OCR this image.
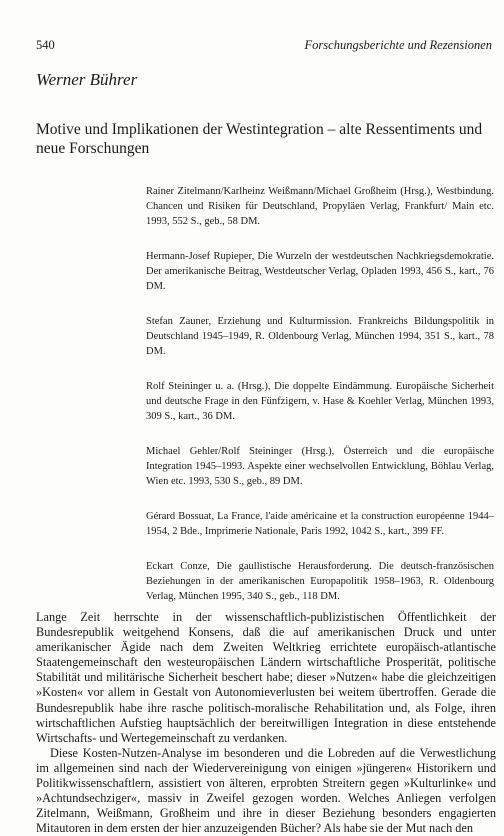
540	Forschungsberichte und Rezensionen
Werner Bührer
Motive und Implikationen der Westintegration – alte Ressentiments und neue Forschungen
Rainer Zitelmann/Karlheinz Weißmann/Michael Großheim (Hrsg.), Westbindung. Chancen und Risiken für Deutschland, Propyläen Verlag, Frankfurt/ Main etc. 1993, 552 S., geb., 58 DM.
Hermann-Josef Rupieper, Die Wurzeln der westdeutschen Nachkriegsdemokratie. Der amerikanische Beitrag, Westdeutscher Verlag, Opladen 1993, 456 S., kart., 76 DM.
Stefan Zauner, Erziehung und Kulturmission. Frankreichs Bildungspolitik in Deutschland 1945–1949, R. Oldenbourg Verlag, München 1994, 351 S., kart., 78 DM.
Rolf Steininger u. a. (Hrsg.), Die doppelte Eindämmung. Europäische Sicherheit und deutsche Frage in den Fünfzigern, v. Hase & Koehler Verlag, München 1993, 309 S., kart., 36 DM.
Michael Gehler/Rolf Steininger (Hrsg.), Österreich und die europäische Integration 1945–1993. Aspekte einer wechselvollen Entwicklung, Böhlau Verlag, Wien etc. 1993, 530 S., geb., 89 DM.
Gérard Bossuat, La France, l'aide américaine et la construction européenne 1944–1954, 2 Bde., Imprimerie Nationale, Paris 1992, 1042 S., kart., 399 FF.
Eckart Conze, Die gaullistische Herausforderung. Die deutsch-französischen Beziehungen in der amerikanischen Europapolitik 1958–1963, R. Oldenbourg Verlag, München 1995, 340 S., geb., 118 DM.

Lange Zeit herrschte in der wissenschaftlich-publizistischen Öffentlichkeit der Bundesrepublik weitgehend Konsens, daß die auf amerikanischen Druck und unter amerikanischer Ägide nach dem Zweiten Weltkrieg errichtete europäisch-atlantische Staatengemeinschaft den westeuropäischen Ländern wirtschaftliche Prosperität, politische Stabilität und militärische Sicherheit beschert habe; dieser »Nutzen« habe die gleichzeitigen »Kosten« vor allem in Gestalt von Autonomieverlusten bei weitem übertroffen. Gerade die Bundesrepublik habe ihre rasche politisch-moralische Rehabilitation und, als Folge, ihren wirtschaftlichen Aufstieg hauptsächlich der bereitwilligen Integration in diese entstehende Wirtschafts- und Wertegemeinschaft zu verdanken.

Diese Kosten-Nutzen-Analyse im besonderen und die Lobreden auf die Verwestlichung im allgemeinen sind nach der Wiedervereinigung von einigen »jüngeren« Historikern und Politikwissenschaftlern, assistiert von älteren, erprobten Streitern gegen »Kulturlinke« und »Achtundsechziger«, massiv in Zweifel gezogen worden. Welches Anliegen verfolgen Zitelmann, Weißmann, Großheim und ihre in dieser Beziehung besonders engagierten Mitautoren in dem ersten der hier anzuzeigenden Bücher? Als habe sie der Mut nach den
